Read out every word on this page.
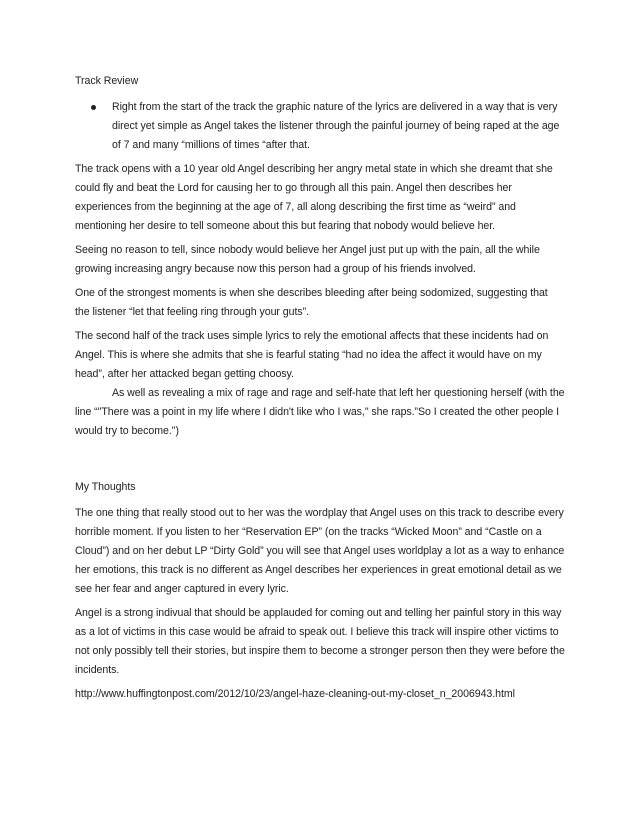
Track Review

Right from the start of the track the graphic nature of the lyrics are delivered in a way that is very direct yet simple as Angel takes the listener through the painful journey of being raped at the age of 7 and many “millions of times “after that.

The track opens with a 10 year old Angel describing her angry metal state in which she dreamt that she could fly and beat the Lord for causing her to go through all this pain. Angel then describes her experiences from the beginning at the age of 7, all along describing the first time as “weird” and mentioning her desire to tell someone about this but fearing that nobody would believe her.

Seeing no reason to tell, since nobody would believe her Angel just put up with the pain, all the while growing increasing angry because now this person had a group of his friends involved.

One of the strongest moments is when she describes bleeding after being sodomized, suggesting that the listener “let that feeling ring through your guts”.

The second half of the track uses simple lyrics to rely the emotional affects that these incidents had on Angel. This is where she admits that she is fearful stating “had no idea the affect it would have on my head”, after her attacked began getting choosy.

As well as revealing a mix of rage and rage and self-hate that left her questioning herself (with the line “"There was a point in my life where I didn't like who I was," she raps.”So I created the other people I would try to become.")

My Thoughts

The one thing that really stood out to her was the wordplay that Angel uses on this track to describe every horrible moment. If you listen to her “Reservation EP” (on the tracks “Wicked Moon” and “Castle on a Cloud”) and on her debut LP “Dirty Gold” you will see that Angel uses worldplay a lot as a way to enhance her emotions, this track is no different as Angel describes her experiences in great emotional detail as we see her fear and anger captured in every lyric.

Angel is a strong indivual that should be applauded for coming out and telling her painful story in this way as a lot of victims in this case would be afraid to speak out. I believe this track will inspire other victims to not only possibly tell their stories, but inspire them to become a stronger person then they were before the incidents.

http://www.huffingtonpost.com/2012/10/23/angel-haze-cleaning-out-my-closet_n_2006943.html
